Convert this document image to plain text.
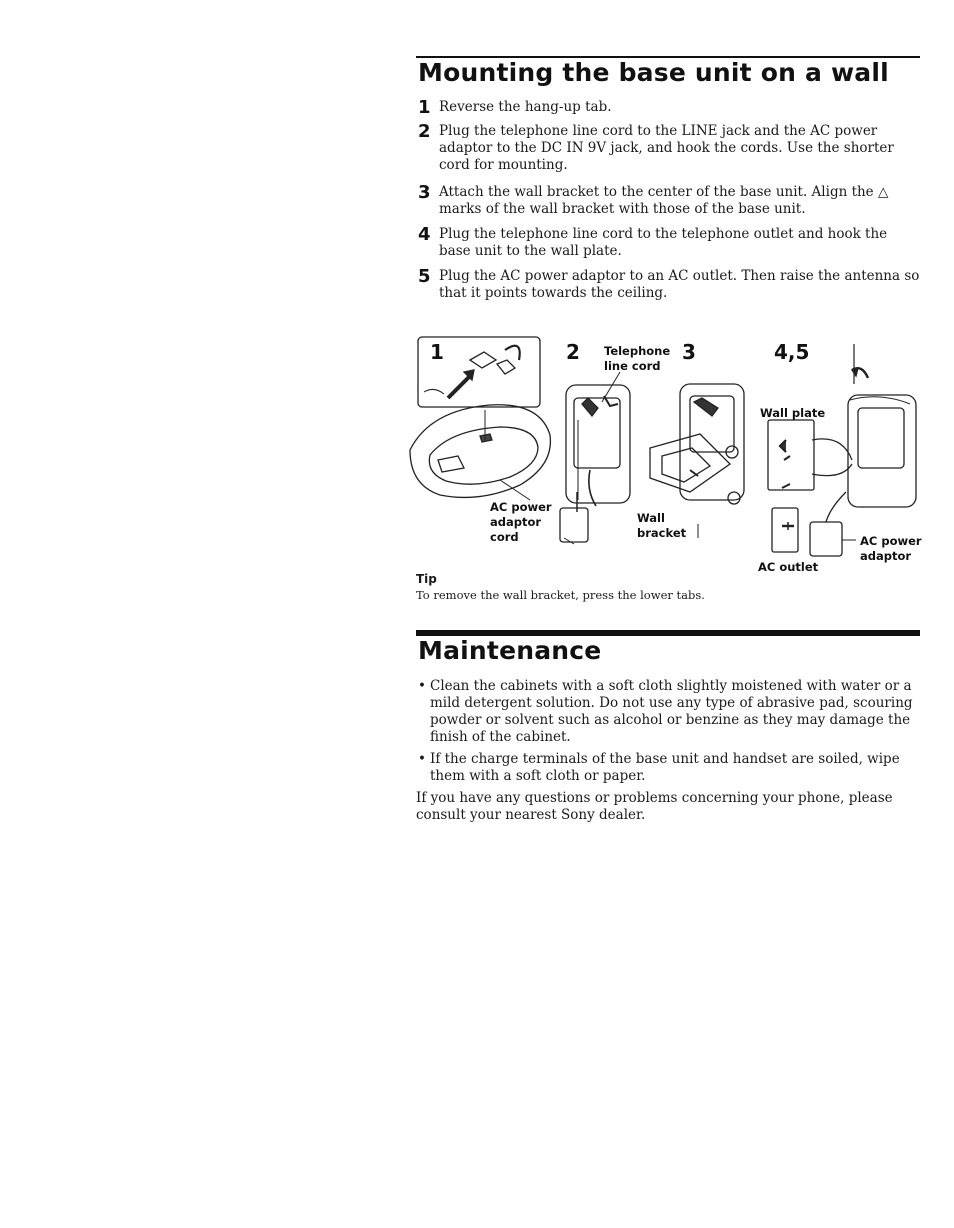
Mounting the base unit on a wall
1 Reverse the hang-up tab.
2 Plug the telephone line cord to the LINE jack and the AC power adaptor to the DC IN 9V jack, and hook the cords. Use the shorter cord for mounting.
3 Attach the wall bracket to the center of the base unit. Align the △ marks of the wall bracket with those of the base unit.
4 Plug the telephone line cord to the telephone outlet and hook the base unit to the wall plate.
5 Plug the AC power adaptor to an AC outlet. Then raise the antenna so that it points towards the ceiling.
1	2	3	4,5
Telephone
line cord
AC power
adaptor
cord
Wall
bracket
Wall plate
AC power
adaptor
AC outlet
Tip
To remove the wall bracket, press the lower tabs.
Maintenance
• Clean the cabinets with a soft cloth slightly moistened with water or a mild detergent solution. Do not use any type of abrasive pad, scouring powder or solvent such as alcohol or benzine as they may damage the finish of the cabinet.
• If the charge terminals of the base unit and handset are soiled, wipe them with a soft cloth or paper.
If you have any questions or problems concerning your phone, please consult your nearest Sony dealer.
